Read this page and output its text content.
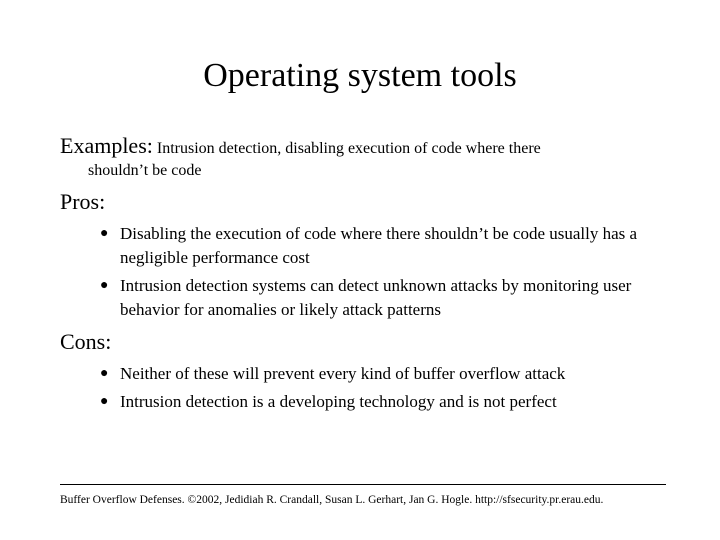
Operating system tools
Examples: Intrusion detection, disabling execution of code where there
shouldn’t be code
Pros:
● Disabling the execution of code where there shouldn’t be code usually has a negligible performance cost
● Intrusion detection systems can detect unknown attacks by monitoring user behavior for anomalies or likely attack patterns
Cons:
● Neither of these will prevent every kind of buffer overflow attack
● Intrusion detection is a developing technology and is not perfect
Buffer Overflow Defenses. ©2002, Jedidiah R. Crandall, Susan L. Gerhart, Jan G. Hogle. http://sfsecurity.pr.erau.edu.
